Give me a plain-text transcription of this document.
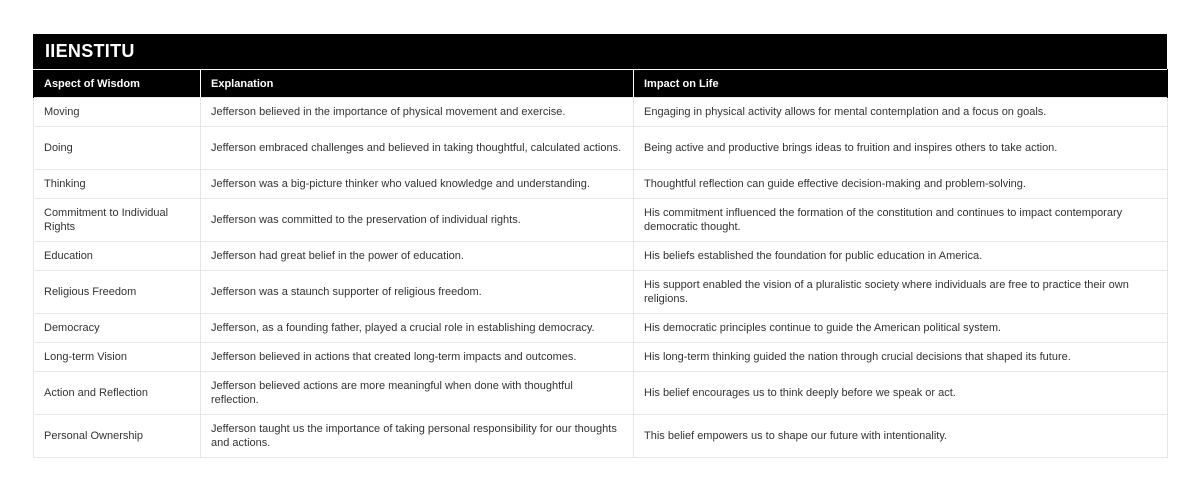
IIENSTITU
Aspect of Wisdom	Explanation	Impact on Life
Moving	Jefferson believed in the importance of physical movement and exercise.	Engaging in physical activity allows for mental contemplation and a focus on goals.
Doing	Jefferson embraced challenges and believed in taking thoughtful, calculated actions.	Being active and productive brings ideas to fruition and inspires others to take action.
Thinking	Jefferson was a big-picture thinker who valued knowledge and understanding.	Thoughtful reflection can guide effective decision-making and problem-solving.
Commitment to Individual Rights	Jefferson was committed to the preservation of individual rights.	His commitment influenced the formation of the constitution and continues to impact contemporary democratic thought.
Education	Jefferson had great belief in the power of education.	His beliefs established the foundation for public education in America.
Religious Freedom	Jefferson was a staunch supporter of religious freedom.	His support enabled the vision of a pluralistic society where individuals are free to practice their own religions.
Democracy	Jefferson, as a founding father, played a crucial role in establishing democracy.	His democratic principles continue to guide the American political system.
Long-term Vision	Jefferson believed in actions that created long-term impacts and outcomes.	His long-term thinking guided the nation through crucial decisions that shaped its future.
Action and Reflection	Jefferson believed actions are more meaningful when done with thoughtful reflection.	His belief encourages us to think deeply before we speak or act.
Personal Ownership	Jefferson taught us the importance of taking personal responsibility for our thoughts and actions.	This belief empowers us to shape our future with intentionality.
